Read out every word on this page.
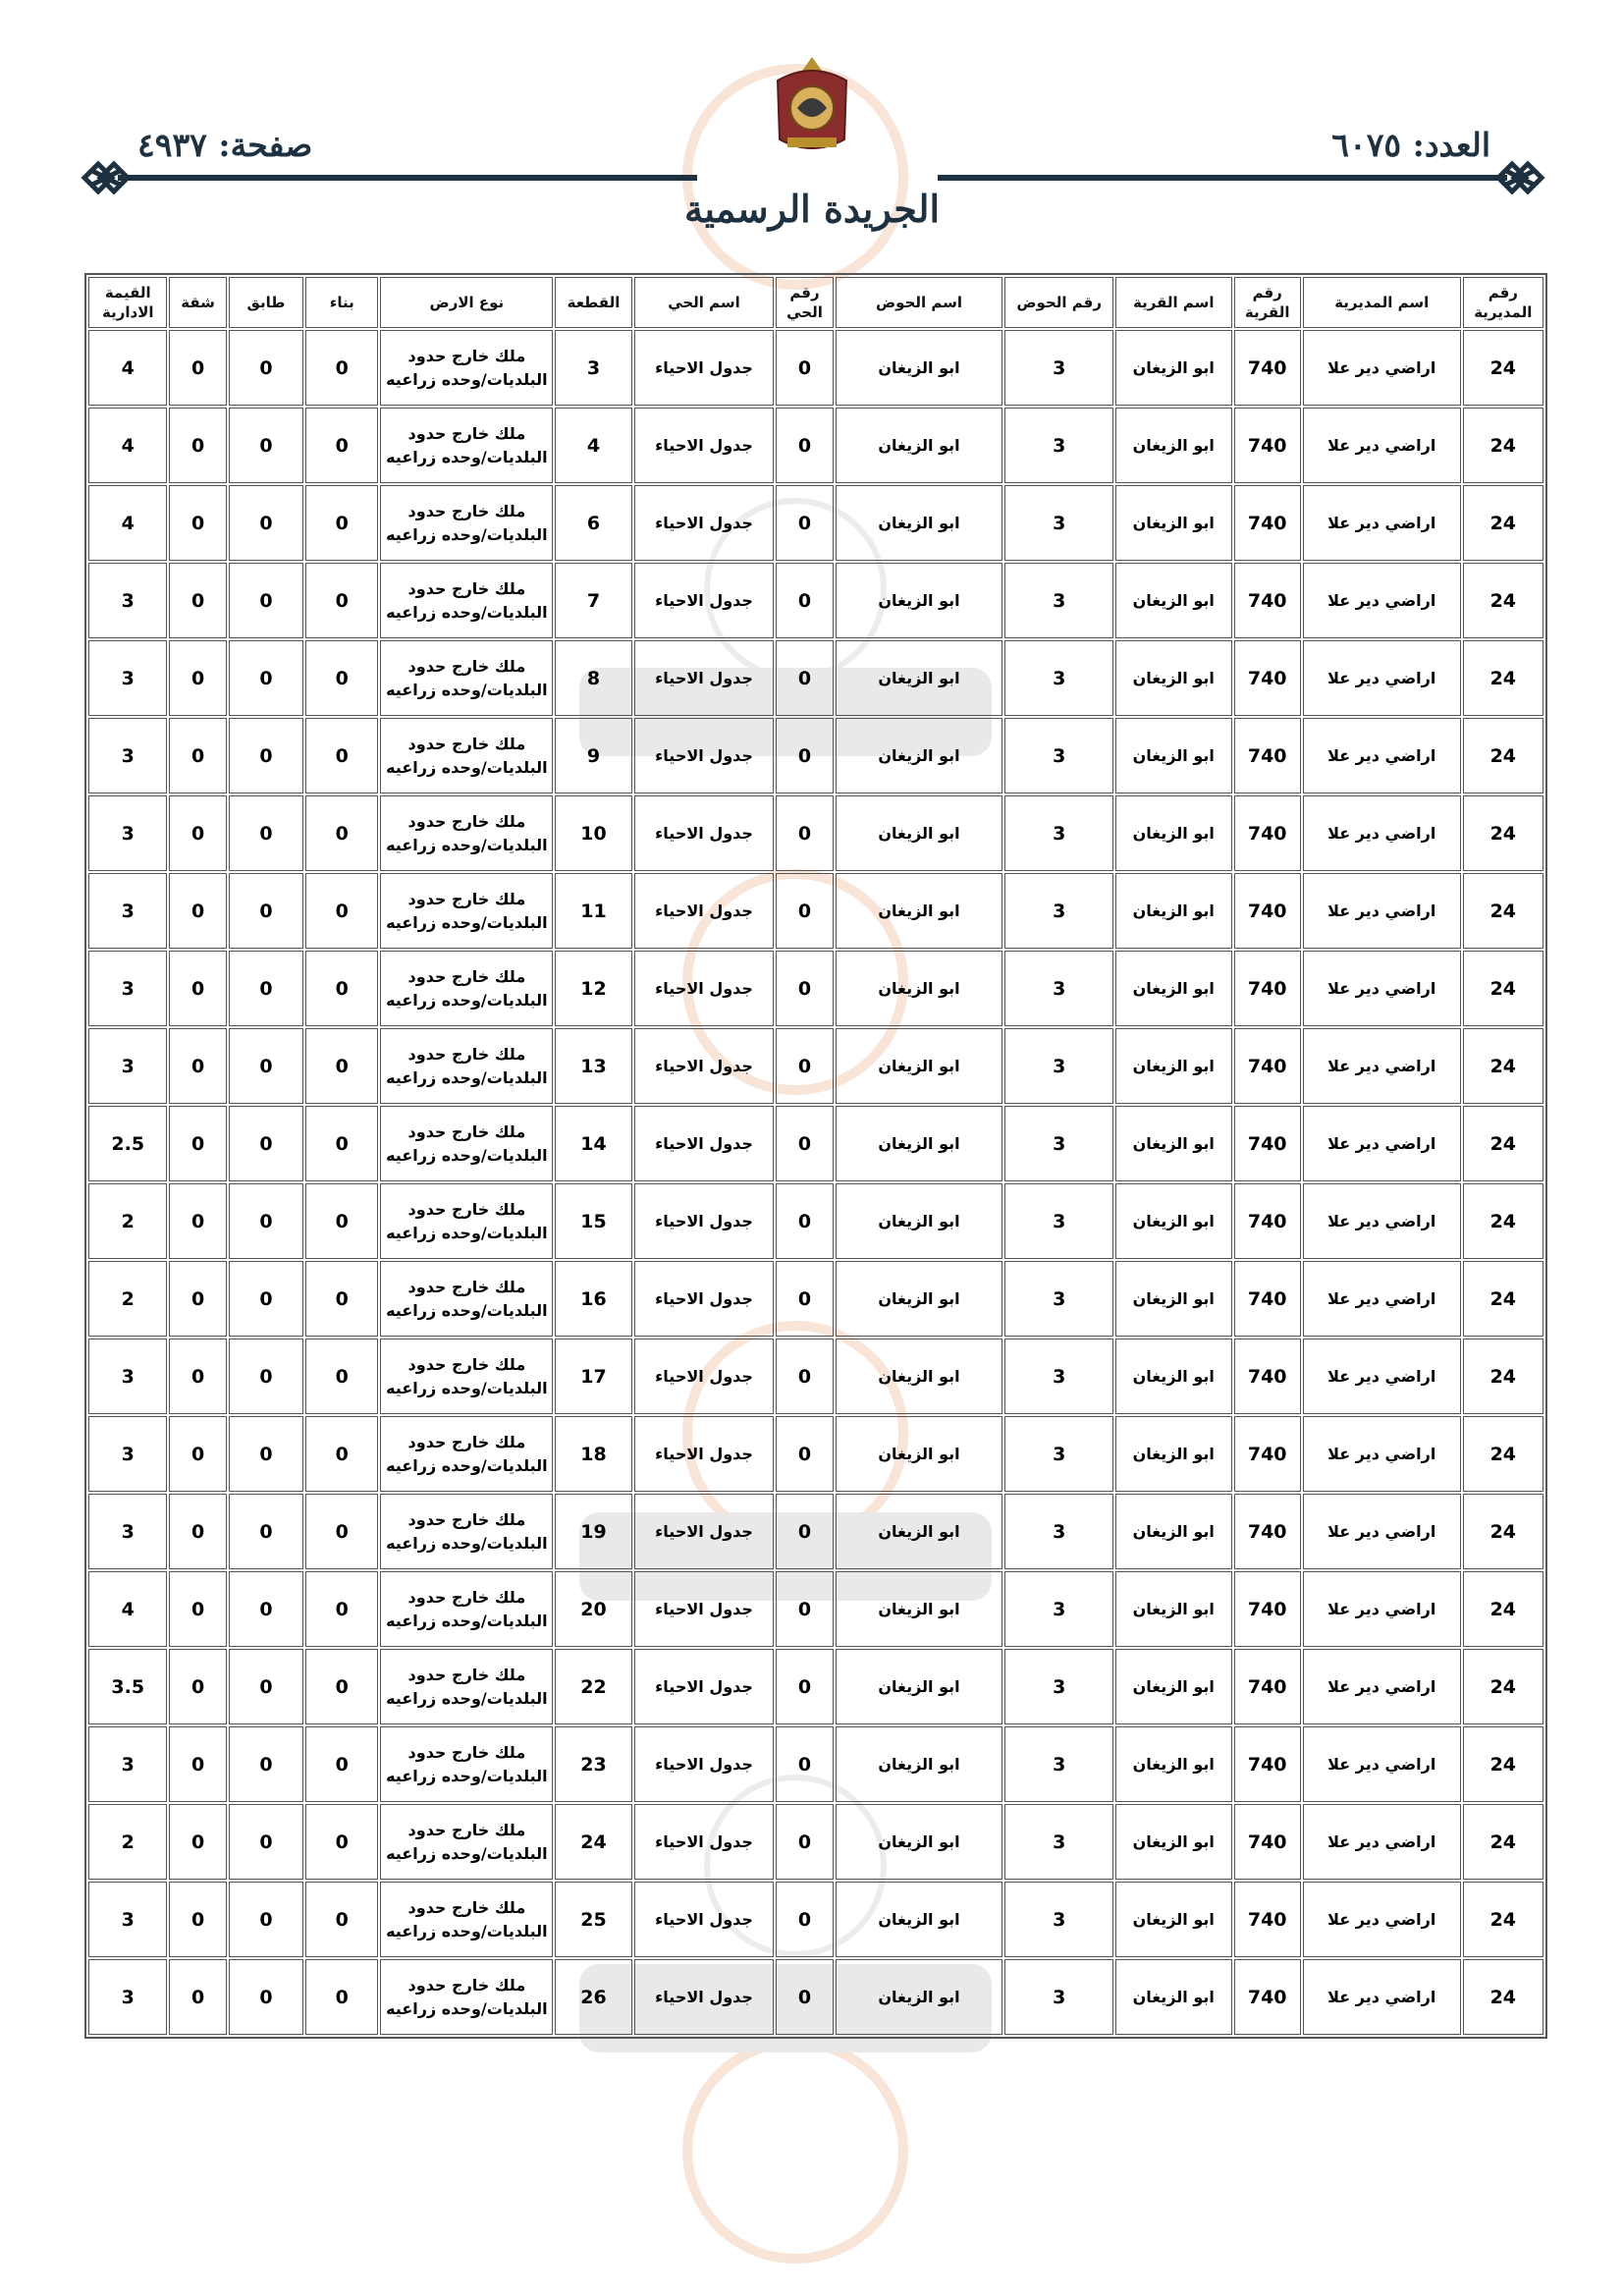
العدد: ٦٠٧٥
صفحة: ٤٩٣٧
الجريدة الرسمية
رقم المديرية	اسم المديرية	رقم القرية	اسم القرية	رقم الحوض	اسم الحوض	رقم الحي	اسم الحي	القطعة	نوع الارض	بناء	طابق	شقة	القيمة الادارية
24	اراضي دير علا	740	ابو الزيغان	3	ابو الزيغان	0	جدول الاحياء	3	ملك خارج حدود البلديات/وحده زراعيه	0	0	0	4
24	اراضي دير علا	740	ابو الزيغان	3	ابو الزيغان	0	جدول الاحياء	4	ملك خارج حدود البلديات/وحده زراعيه	0	0	0	4
24	اراضي دير علا	740	ابو الزيغان	3	ابو الزيغان	0	جدول الاحياء	6	ملك خارج حدود البلديات/وحده زراعيه	0	0	0	4
24	اراضي دير علا	740	ابو الزيغان	3	ابو الزيغان	0	جدول الاحياء	7	ملك خارج حدود البلديات/وحده زراعيه	0	0	0	3
24	اراضي دير علا	740	ابو الزيغان	3	ابو الزيغان	0	جدول الاحياء	8	ملك خارج حدود البلديات/وحده زراعيه	0	0	0	3
24	اراضي دير علا	740	ابو الزيغان	3	ابو الزيغان	0	جدول الاحياء	9	ملك خارج حدود البلديات/وحده زراعيه	0	0	0	3
24	اراضي دير علا	740	ابو الزيغان	3	ابو الزيغان	0	جدول الاحياء	10	ملك خارج حدود البلديات/وحده زراعيه	0	0	0	3
24	اراضي دير علا	740	ابو الزيغان	3	ابو الزيغان	0	جدول الاحياء	11	ملك خارج حدود البلديات/وحده زراعيه	0	0	0	3
24	اراضي دير علا	740	ابو الزيغان	3	ابو الزيغان	0	جدول الاحياء	12	ملك خارج حدود البلديات/وحده زراعيه	0	0	0	3
24	اراضي دير علا	740	ابو الزيغان	3	ابو الزيغان	0	جدول الاحياء	13	ملك خارج حدود البلديات/وحده زراعيه	0	0	0	3
24	اراضي دير علا	740	ابو الزيغان	3	ابو الزيغان	0	جدول الاحياء	14	ملك خارج حدود البلديات/وحده زراعيه	0	0	0	2.5
24	اراضي دير علا	740	ابو الزيغان	3	ابو الزيغان	0	جدول الاحياء	15	ملك خارج حدود البلديات/وحده زراعيه	0	0	0	2
24	اراضي دير علا	740	ابو الزيغان	3	ابو الزيغان	0	جدول الاحياء	16	ملك خارج حدود البلديات/وحده زراعيه	0	0	0	2
24	اراضي دير علا	740	ابو الزيغان	3	ابو الزيغان	0	جدول الاحياء	17	ملك خارج حدود البلديات/وحده زراعيه	0	0	0	3
24	اراضي دير علا	740	ابو الزيغان	3	ابو الزيغان	0	جدول الاحياء	18	ملك خارج حدود البلديات/وحده زراعيه	0	0	0	3
24	اراضي دير علا	740	ابو الزيغان	3	ابو الزيغان	0	جدول الاحياء	19	ملك خارج حدود البلديات/وحده زراعيه	0	0	0	3
24	اراضي دير علا	740	ابو الزيغان	3	ابو الزيغان	0	جدول الاحياء	20	ملك خارج حدود البلديات/وحده زراعيه	0	0	0	4
24	اراضي دير علا	740	ابو الزيغان	3	ابو الزيغان	0	جدول الاحياء	22	ملك خارج حدود البلديات/وحده زراعيه	0	0	0	3.5
24	اراضي دير علا	740	ابو الزيغان	3	ابو الزيغان	0	جدول الاحياء	23	ملك خارج حدود البلديات/وحده زراعيه	0	0	0	3
24	اراضي دير علا	740	ابو الزيغان	3	ابو الزيغان	0	جدول الاحياء	24	ملك خارج حدود البلديات/وحده زراعيه	0	0	0	2
24	اراضي دير علا	740	ابو الزيغان	3	ابو الزيغان	0	جدول الاحياء	25	ملك خارج حدود البلديات/وحده زراعيه	0	0	0	3
24	اراضي دير علا	740	ابو الزيغان	3	ابو الزيغان	0	جدول الاحياء	26	ملك خارج حدود البلديات/وحده زراعيه	0	0	0	3
